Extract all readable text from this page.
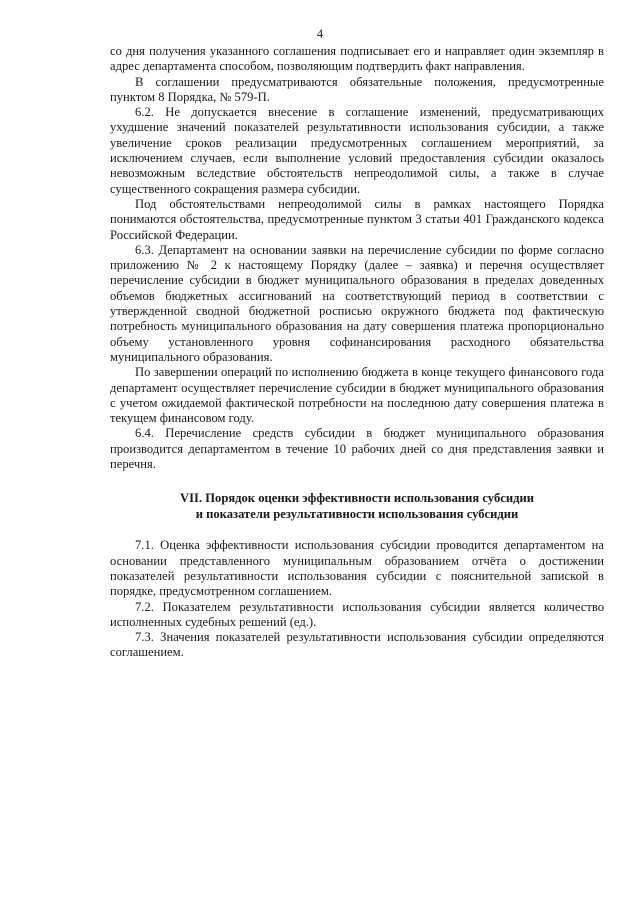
4

со дня получения указанного соглашения подписывает его и направляет один экземпляр в адрес департамента способом, позволяющим подтвердить факт направления.

В соглашении предусматриваются обязательные положения, предусмотренные пунктом 8 Порядка, № 579-П.

6.2. Не допускается внесение в соглашение изменений, предусматривающих ухудшение значений показателей результативности использования субсидии, а также увеличение сроков реализации предусмотренных соглашением мероприятий, за исключением случаев, если выполнение условий предоставления субсидии оказалось невозможным вследствие обстоятельств непреодолимой силы, а также в случае существенного сокращения размера субсидии.

Под обстоятельствами непреодолимой силы в рамках настоящего Порядка понимаются обстоятельства, предусмотренные пунктом 3 статьи 401 Гражданского кодекса Российской Федерации.

6.3. Департамент на основании заявки на перечисление субсидии по форме согласно приложению № 2 к настоящему Порядку (далее – заявка) и перечня осуществляет перечисление субсидии в бюджет муниципального образования в пределах доведенных объемов бюджетных ассигнований на соответствующий период в соответствии с утвержденной сводной бюджетной росписью окружного бюджета под фактическую потребность муниципального образования на дату совершения платежа пропорционально объему установленного уровня софинансирования расходного обязательства муниципального образования.

По завершении операций по исполнению бюджета в конце текущего финансового года департамент осуществляет перечисление субсидии в бюджет муниципального образования с учетом ожидаемой фактической потребности на последнюю дату совершения платежа в текущем финансовом году.

6.4. Перечисление средств субсидии в бюджет муниципального образования производится департаментом в течение 10 рабочих дней со дня представления заявки и перечня.

VII. Порядок оценки эффективности использования субсидии

и показатели результативности использования субсидии

7.1. Оценка эффективности использования субсидии проводится департаментом на основании представленного муниципальным образованием отчёта о достижении показателей результативности использования субсидии с пояснительной запиской в порядке, предусмотренном соглашением.

7.2. Показателем результативности использования субсидии является количество исполненных судебных решений (ед.).

7.3. Значения показателей результативности использования субсидии определяются соглашением.
